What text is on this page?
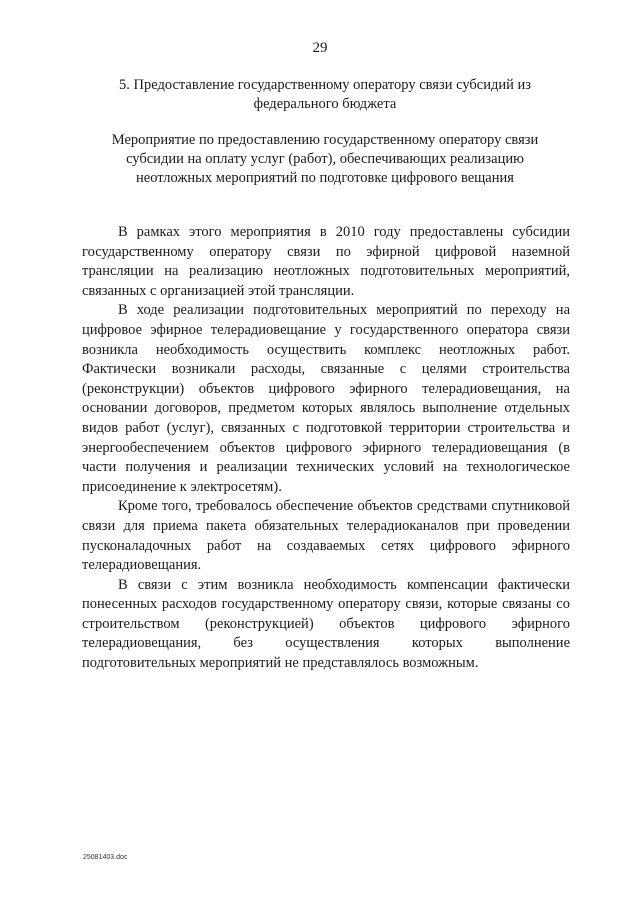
29
5. Предоставление государственному оператору связи субсидий из федерального бюджета
Мероприятие по предоставлению государственному оператору связи субсидии на оплату услуг (работ), обеспечивающих реализацию неотложных мероприятий по подготовке цифрового вещания

В рамках этого мероприятия в 2010 году предоставлены субсидии государственному оператору связи по эфирной цифровой наземной трансляции на реализацию неотложных подготовительных мероприятий, связанных с организацией этой трансляции.

В ходе реализации подготовительных мероприятий по переходу на цифровое эфирное телерадиовещание у государственного оператора связи возникла необходимость осуществить комплекс неотложных работ. Фактически возникали расходы, связанные с целями строительства (реконструкции) объектов цифрового эфирного телерадиовещания, на основании договоров, предметом которых являлось выполнение отдельных видов работ (услуг), связанных с подготовкой территории строительства и энергообеспечением объектов цифрового эфирного телерадиовещания (в части получения и реализации технических условий на технологическое присоединение к электросетям).

Кроме того, требовалось обеспечение объектов средствами спутниковой связи для приема пакета обязательных телерадиоканалов при проведении пусконаладочных работ на создаваемых сетях цифрового эфирного телерадиовещания.

В связи с этим возникла необходимость компенсации фактически понесенных расходов государственному оператору связи, которые связаны со строительством (реконструкцией) объектов цифрового эфирного телерадиовещания, без осуществления которых выполнение подготовительных мероприятий не представлялось возможным.

25081403.doc
